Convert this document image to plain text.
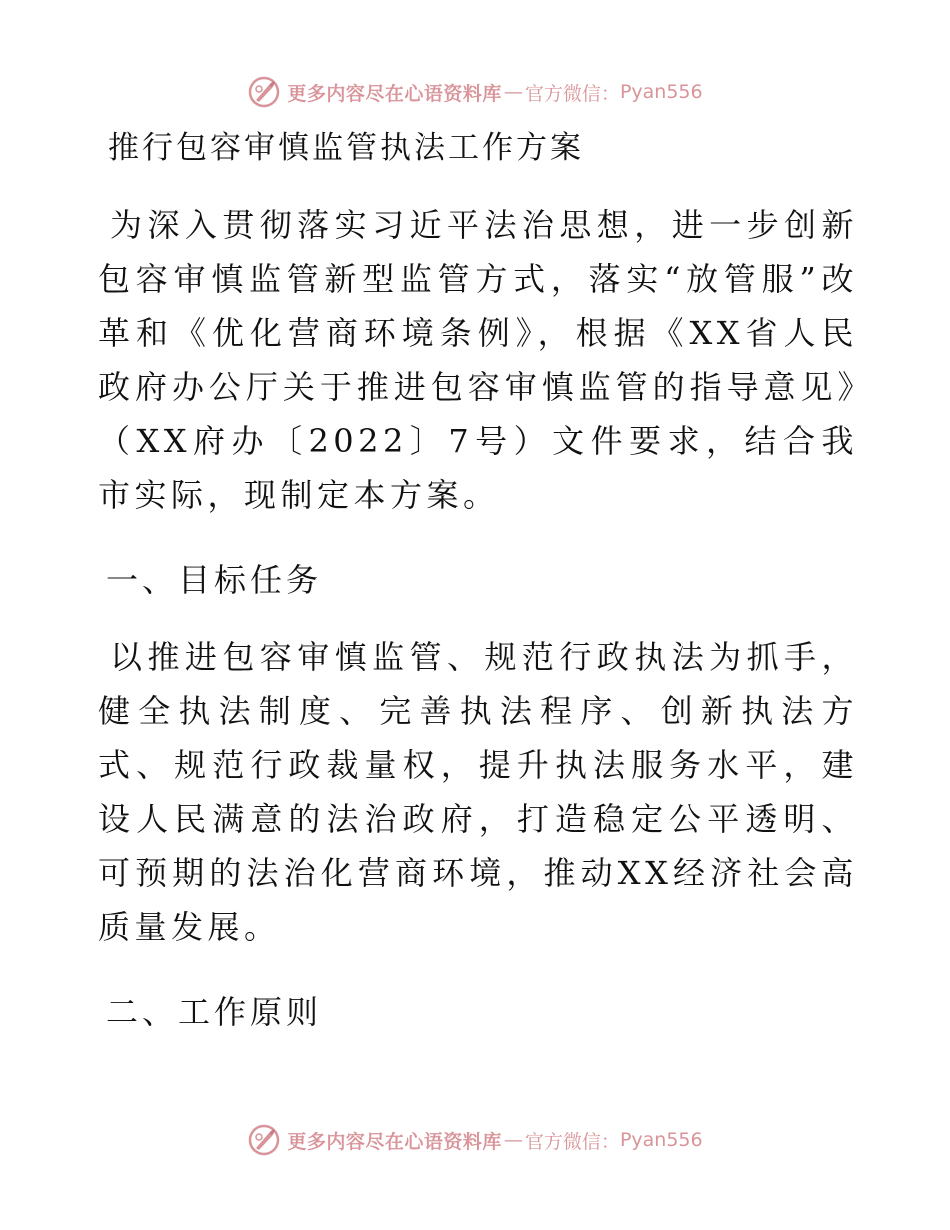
更多内容尽在心语资料库 — 官方微信： Pyan556
推行包容审慎监管执法工作方案

为深入贯彻落实习近平法治思想，进一步创新包容审慎监管新型监管方式，落实“放管服”改革和《优化营商环境条例》，根据《XX省人民政府办公厅关于推进包容审慎监管的指导意见》（XX府办〔2022〕7号）文件要求，结合我市实际，现制定本方案。

一、目标任务

以推进包容审慎监管、规范行政执法为抓手，健全执法制度、完善执法程序、创新执法方式、规范行政裁量权，提升执法服务水平，建设人民满意的法治政府，打造稳定公平透明、可预期的法治化营商环境，推动XX经济社会高质量发展。

二、工作原则
更多内容尽在心语资料库 — 官方微信： Pyan556
